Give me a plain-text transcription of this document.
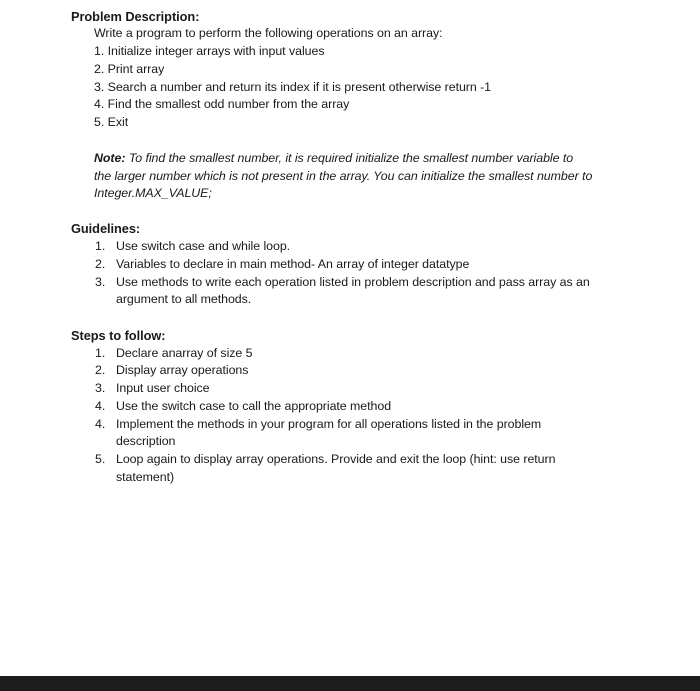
Problem Description:
Write a program to perform the following operations on an array:
1. Initialize integer arrays with input values
2. Print array
3. Search a number and return its index if it is present otherwise return -1
4. Find the smallest odd number from the array
5. Exit
Note: To find the smallest number, it is required initialize the smallest number variable to
the larger number which is not present in the array. You can initialize the smallest number to
Integer.MAX_VALUE;
Guidelines:
1. Use switch case and while loop.
2. Variables to declare in main method- An array of integer datatype
3. Use methods to write each operation listed in problem description and pass array as an
argument to all methods.
Steps to follow:
1. Declare anarray of size 5
2. Display array operations
3. Input user choice
4. Use the switch case to call the appropriate method
4. Implement the methods in your program for all operations listed in the problem
description
5. Loop again to display array operations. Provide and exit the loop (hint: use return
statement)
